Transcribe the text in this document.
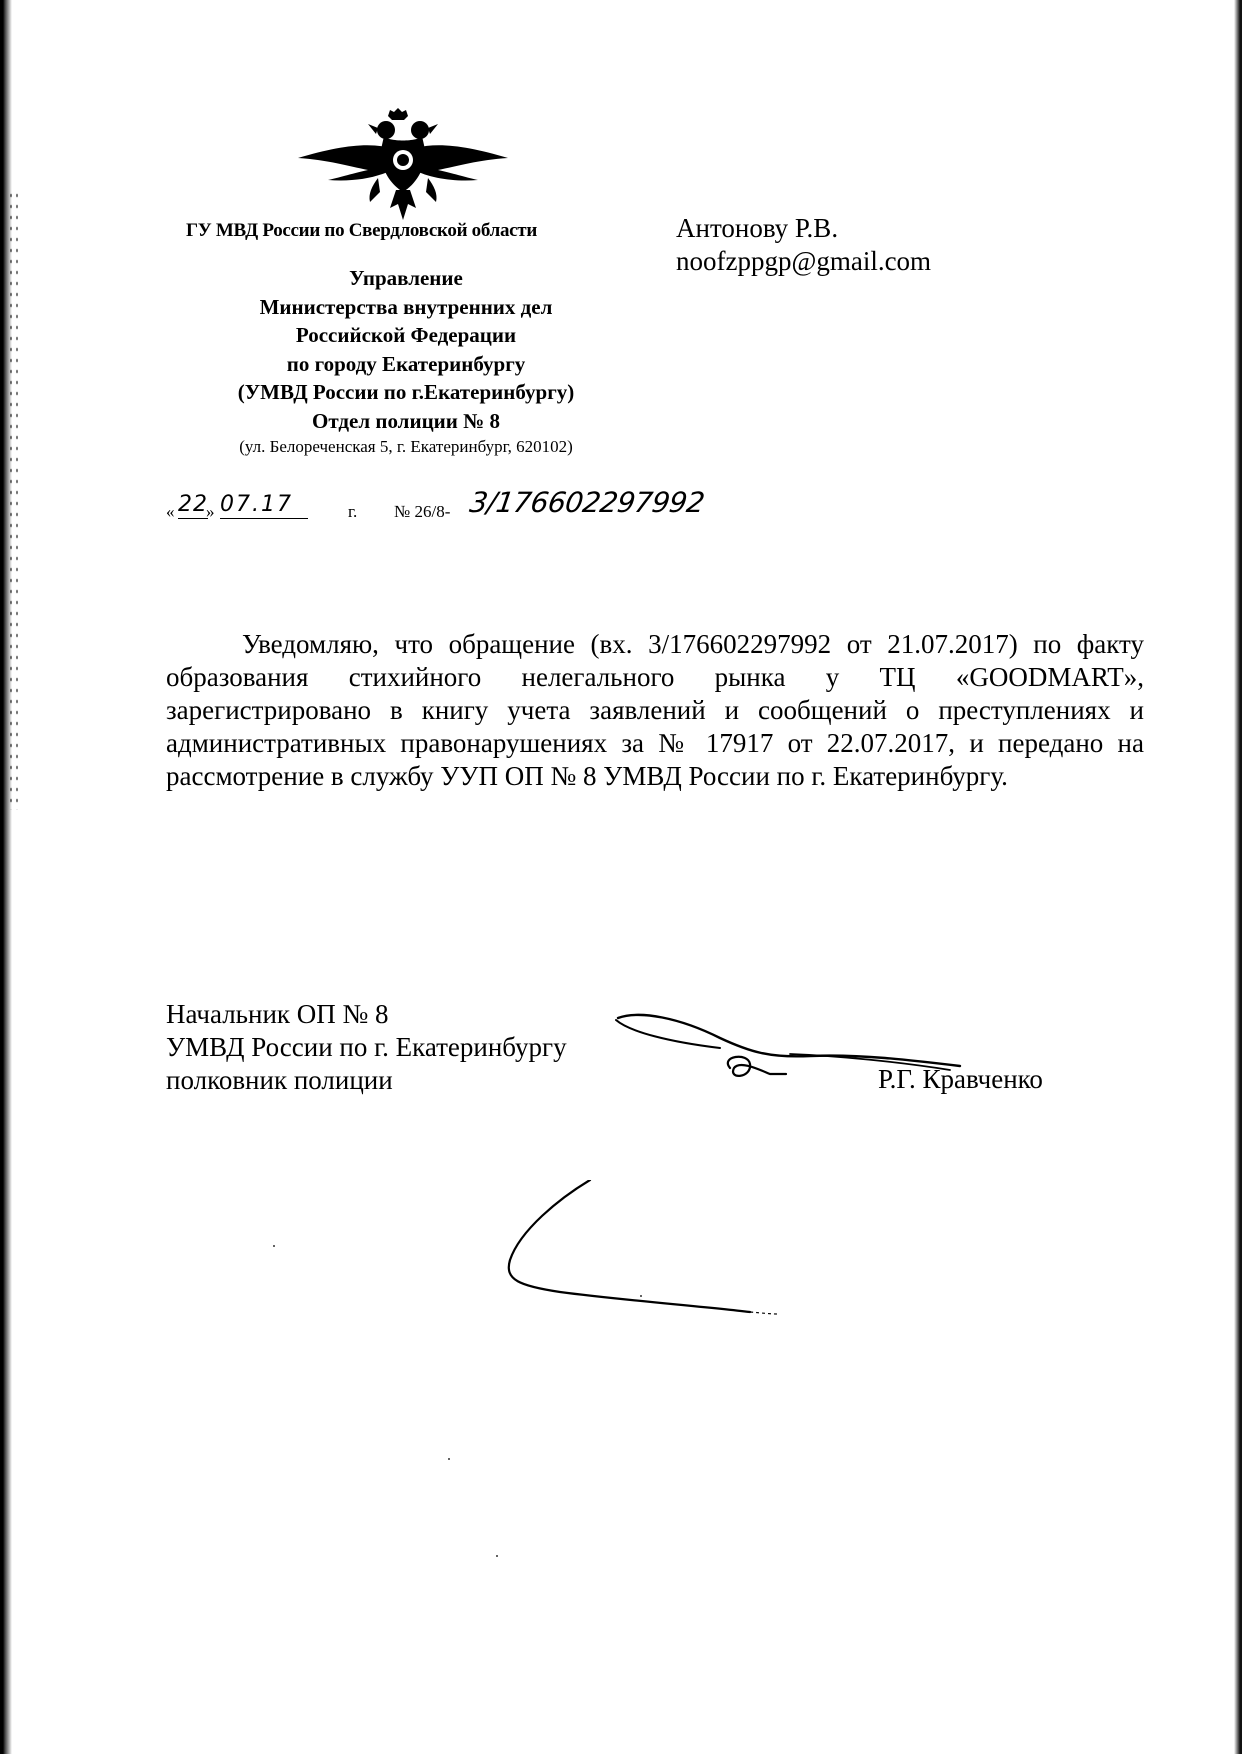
ГУ МВД России по Свердловской области
Управление
Министерства внутренних дел
Российской Федерации
по городу Екатеринбургу
(УМВД России по г.Екатеринбургу)
Отдел полиции № 8
(ул. Белореченская 5, г. Екатеринбург, 620102)
Антонову Р.В.
noofzppgp@gmail.com
« 22
» 07.17	г. № 26/8- 3/176602297992
Уведомляю, что обращение (вх. 3/176602297992 от 21.07.2017) по факту образования стихийного нелегального рынка у ТЦ «GOODMART», зарегистрировано в книгу учета заявлений и сообщений о преступлениях и административных правонарушениях за № 17917 от 22.07.2017, и передано на рассмотрение в службу УУП ОП № 8 УМВД России по г. Екатеринбургу.
Начальник ОП № 8
УМВД России по г. Екатеринбургу
полковник полиции	Р.Г. Кравченко
